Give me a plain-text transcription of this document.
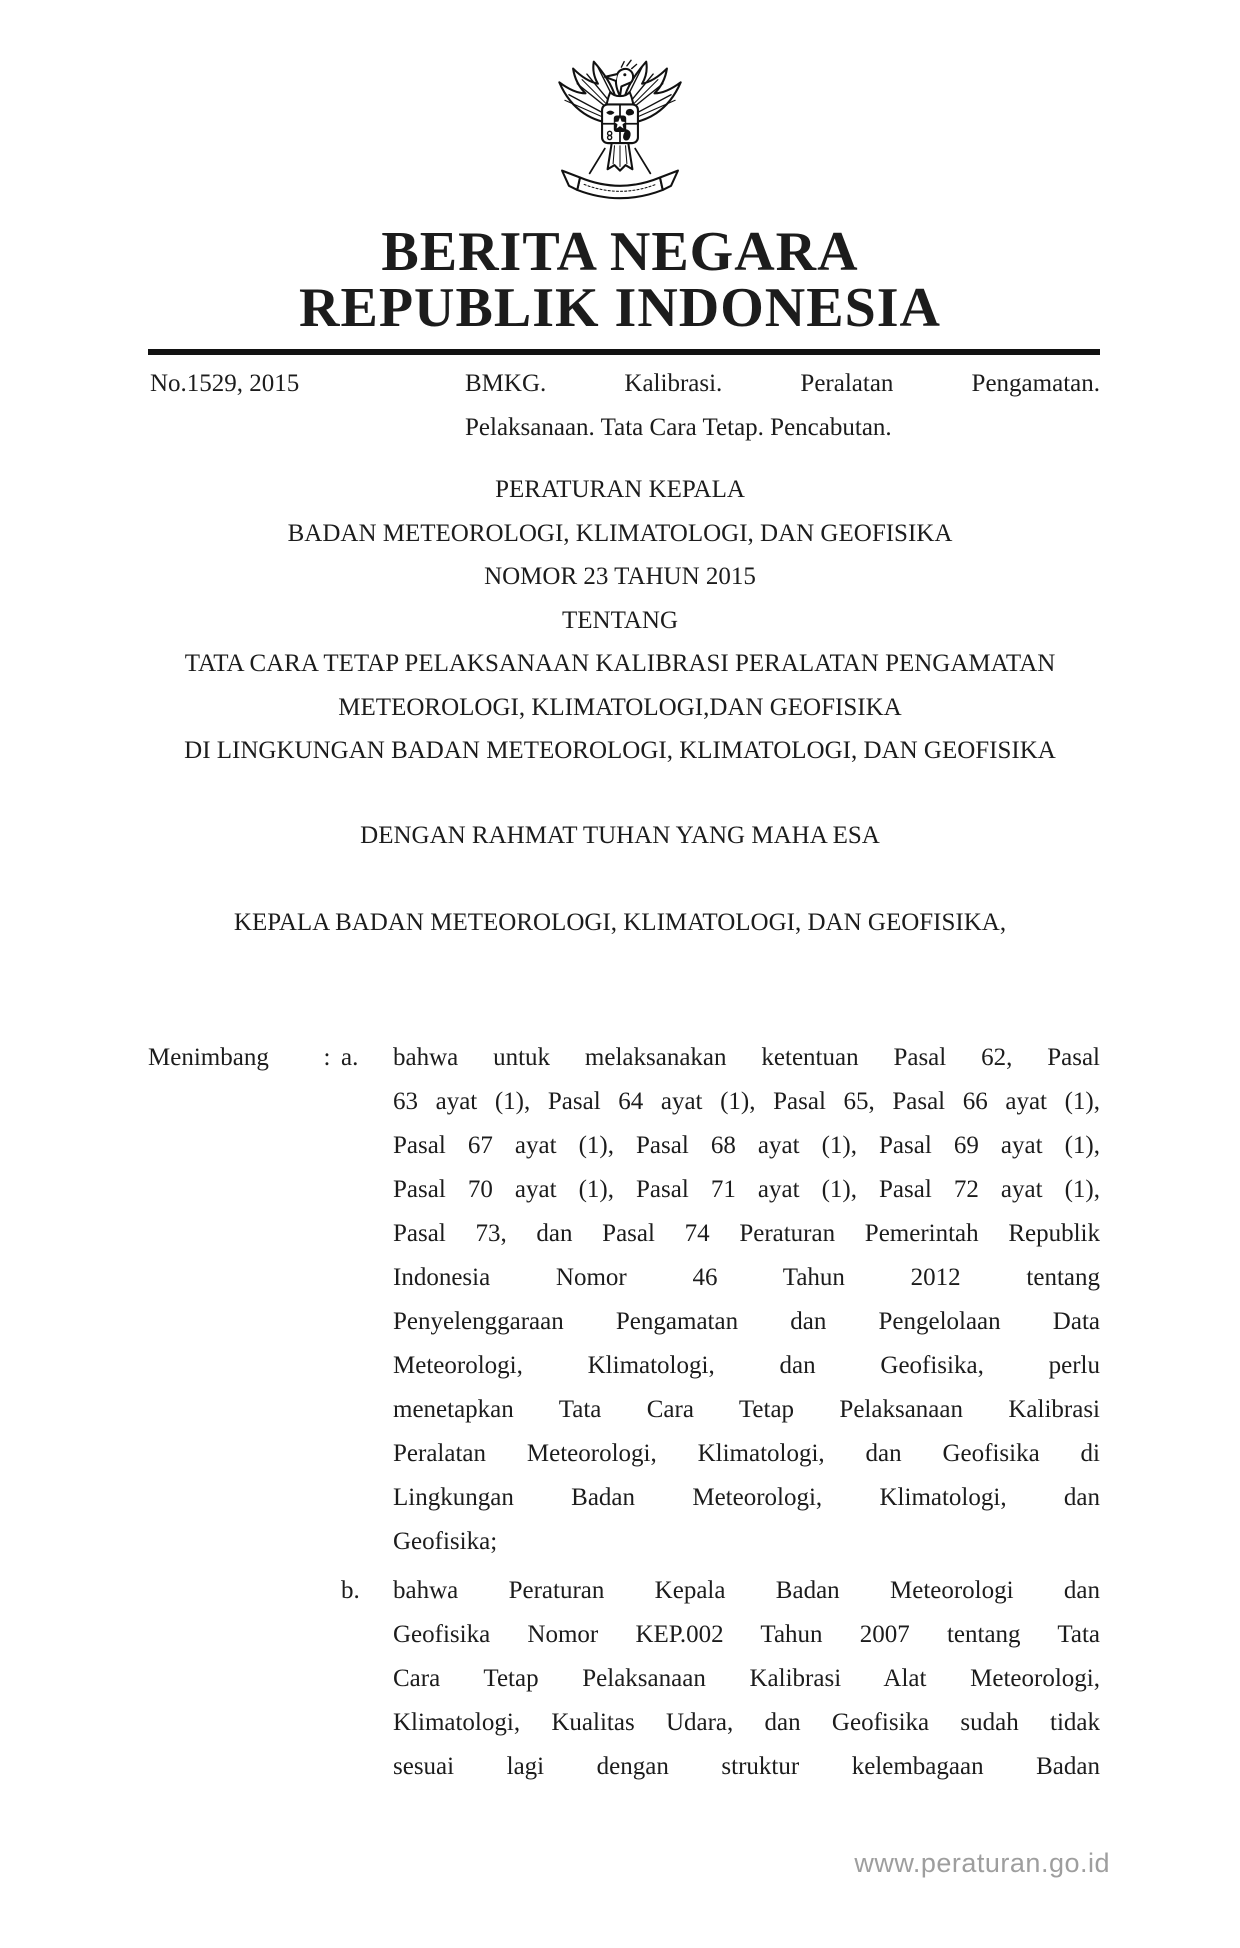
BERITA NEGARA
REPUBLIK INDONESIA
No.1529, 2015	BMKG. Kalibrasi. Peralatan Pengamatan.
Pelaksanaan. Tata Cara Tetap. Pencabutan.
PERATURAN KEPALA
BADAN METEOROLOGI, KLIMATOLOGI, DAN GEOFISIKA
NOMOR 23 TAHUN 2015
TENTANG
TATA CARA TETAP PELAKSANAAN KALIBRASI PERALATAN PENGAMATAN
METEOROLOGI, KLIMATOLOGI,DAN GEOFISIKA
DI LINGKUNGAN BADAN METEOROLOGI, KLIMATOLOGI, DAN GEOFISIKA
DENGAN RAHMAT TUHAN YANG MAHA ESA
KEPALA BADAN METEOROLOGI, KLIMATOLOGI, DAN GEOFISIKA,
Menimbang	: a.	bahwa untuk melaksanakan ketentuan Pasal 62, Pasal
63 ayat (1), Pasal 64 ayat (1), Pasal 65, Pasal 66 ayat (1),
Pasal 67 ayat (1), Pasal 68 ayat (1), Pasal 69 ayat (1),
Pasal 70 ayat (1), Pasal 71 ayat (1), Pasal 72 ayat (1),
Pasal 73, dan Pasal 74 Peraturan Pemerintah Republik
Indonesia Nomor 46 Tahun 2012 tentang
Penyelenggaraan Pengamatan dan Pengelolaan Data
Meteorologi, Klimatologi, dan Geofisika, perlu
menetapkan Tata Cara Tetap Pelaksanaan Kalibrasi
Peralatan Meteorologi, Klimatologi, dan Geofisika di
Lingkungan Badan Meteorologi, Klimatologi, dan
Geofisika;
b.	bahwa Peraturan Kepala Badan Meteorologi dan
Geofisika Nomor KEP.002 Tahun 2007 tentang Tata
Cara Tetap Pelaksanaan Kalibrasi Alat Meteorologi,
Klimatologi, Kualitas Udara, dan Geofisika sudah tidak
sesuai lagi dengan struktur kelembagaan Badan
www.peraturan.go.id
